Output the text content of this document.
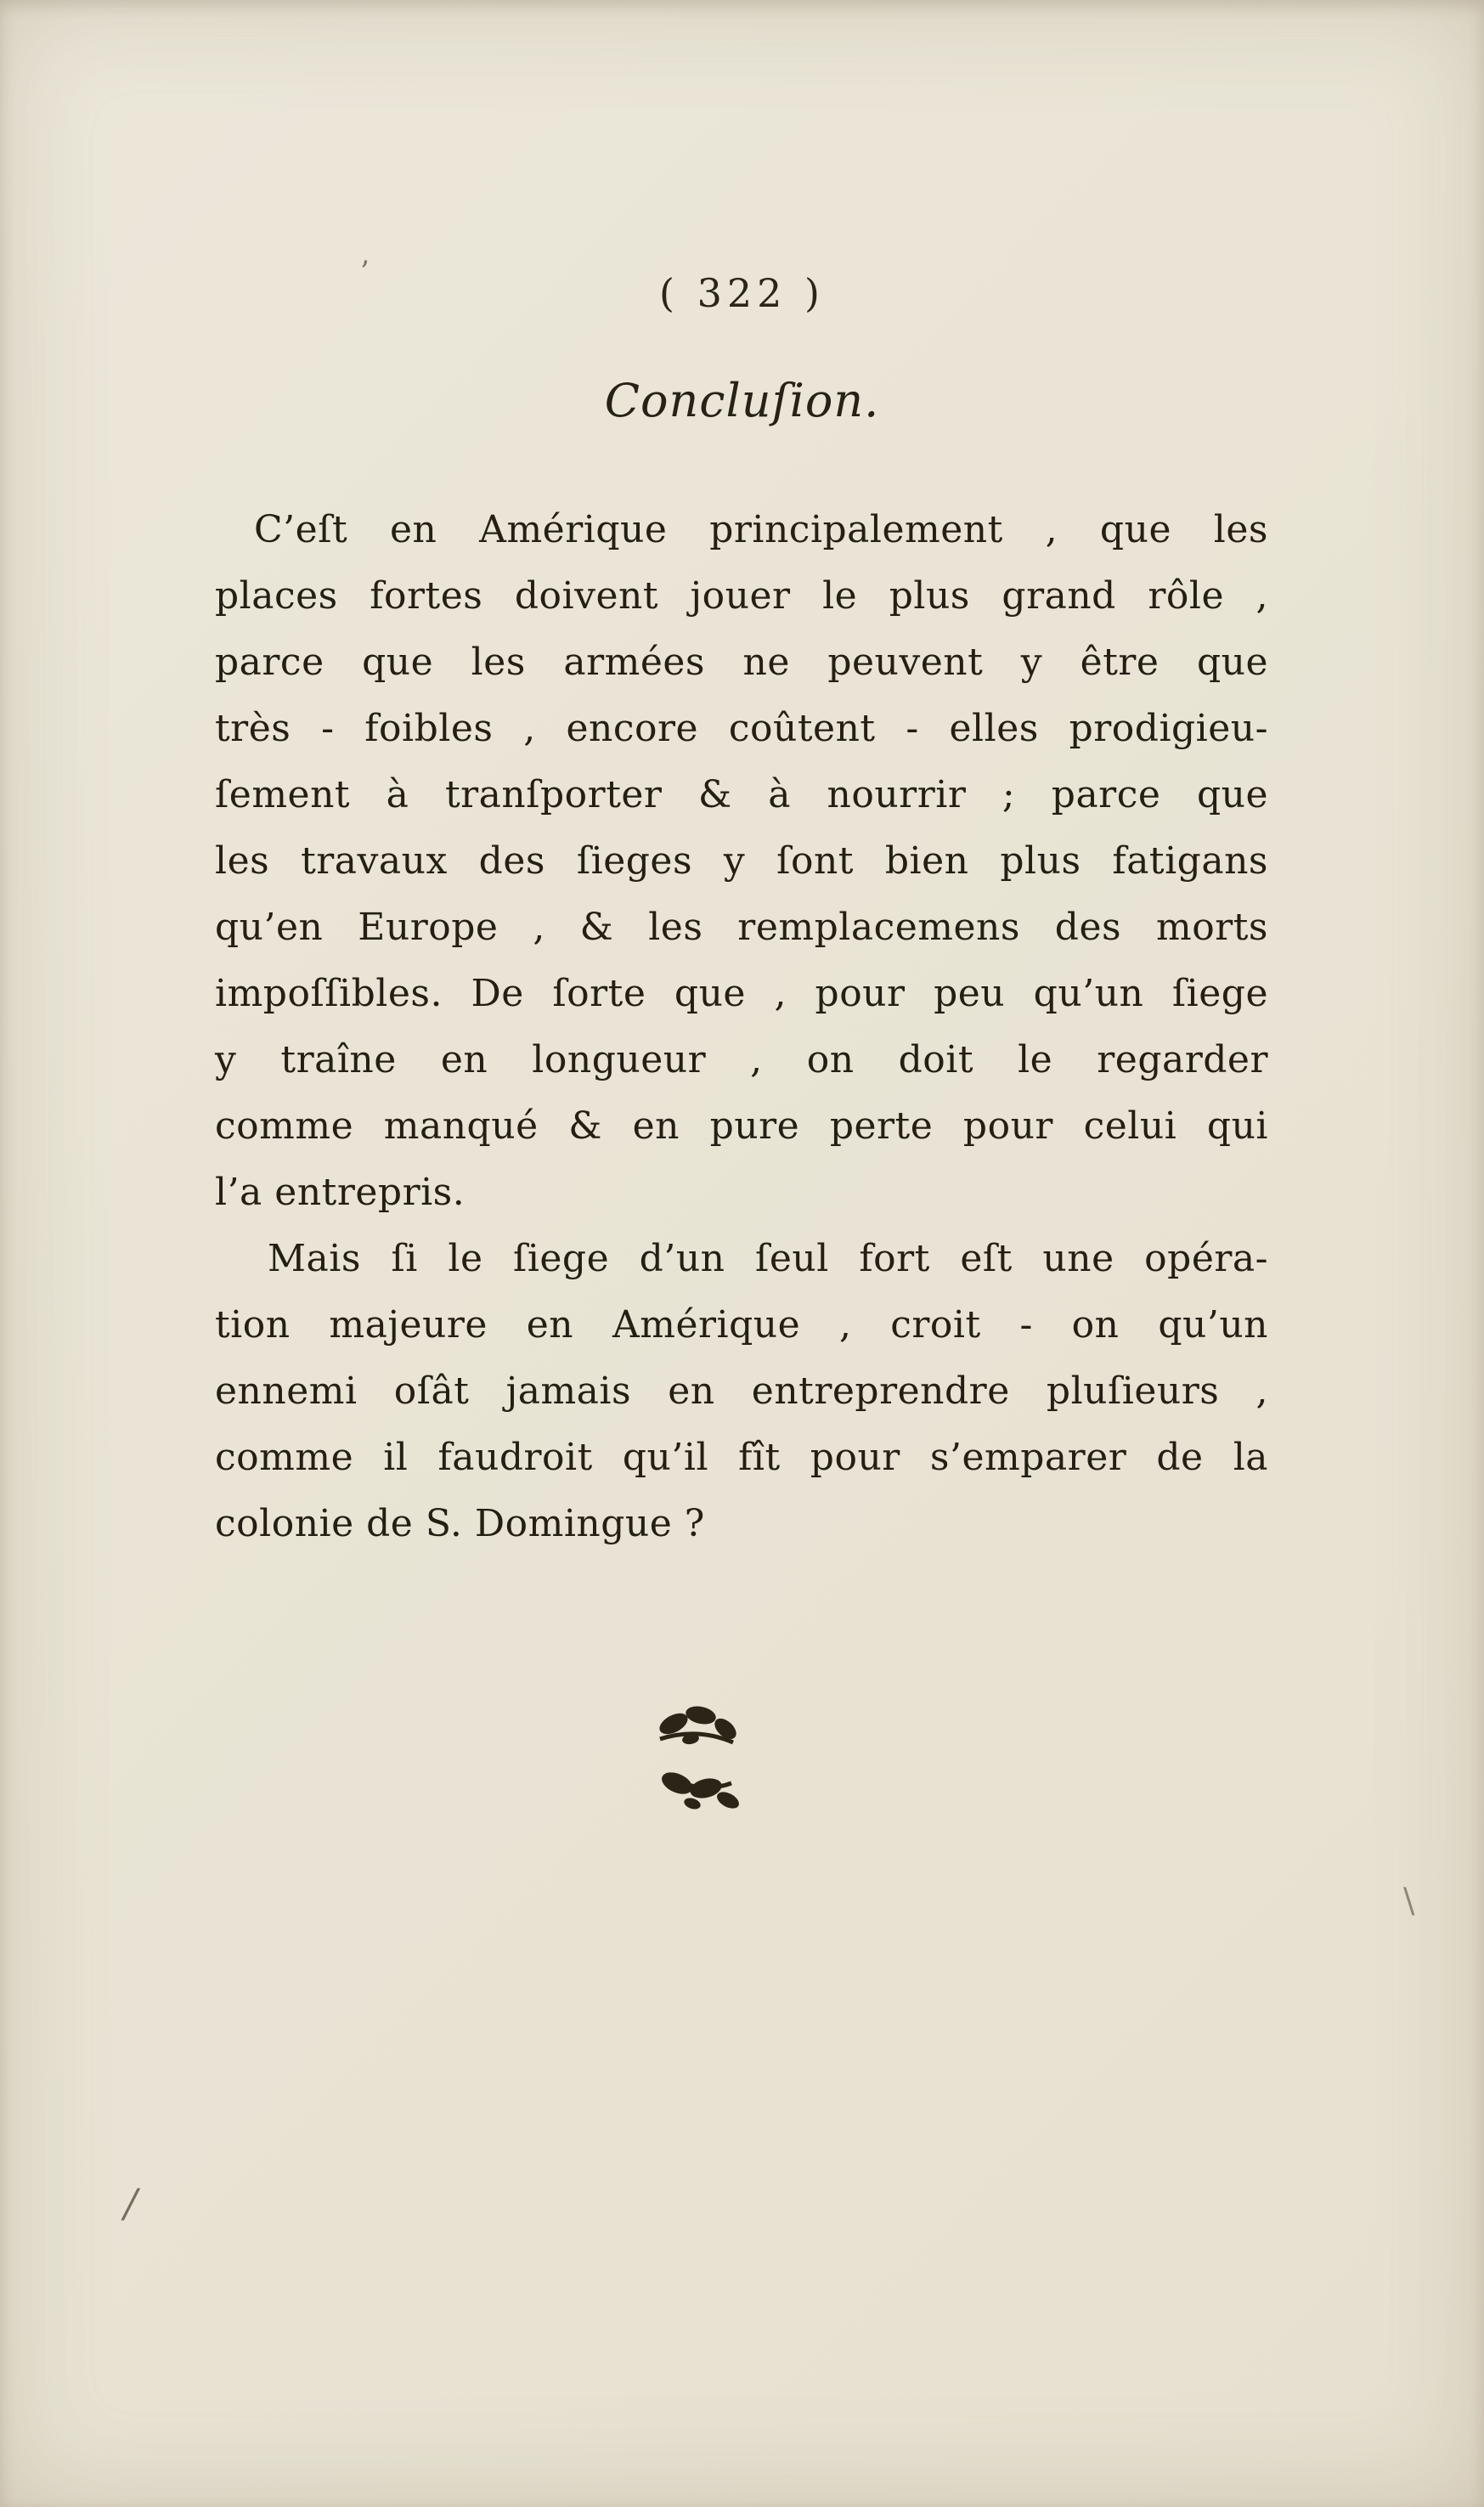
( 322 )
Concluſion.
C’eſt en Amérique principalement , que les
places fortes doivent jouer le plus grand rôle ,
parce que les armées ne peuvent y être que
très - foibles , encore coûtent - elles prodigieu-
ſement à tranſporter & à nourrir ; parce que
les travaux des ſieges y ſont bien plus fatigans
qu’en Europe , & les remplacemens des morts
impoſſibles. De ſorte que , pour peu qu’un ſiege
y traîne en longueur , on doit le regarder
comme manqué & en pure perte pour celui qui
l’a entrepris.
Mais ſi le ſiege d’un ſeul fort eſt une opéra-
tion majeure en Amérique , croit - on qu’un
ennemi oſât jamais en entreprendre pluſieurs ,
comme il faudroit qu’il fît pour s’emparer de la
colonie de S. Domingue ?
’
\
/
